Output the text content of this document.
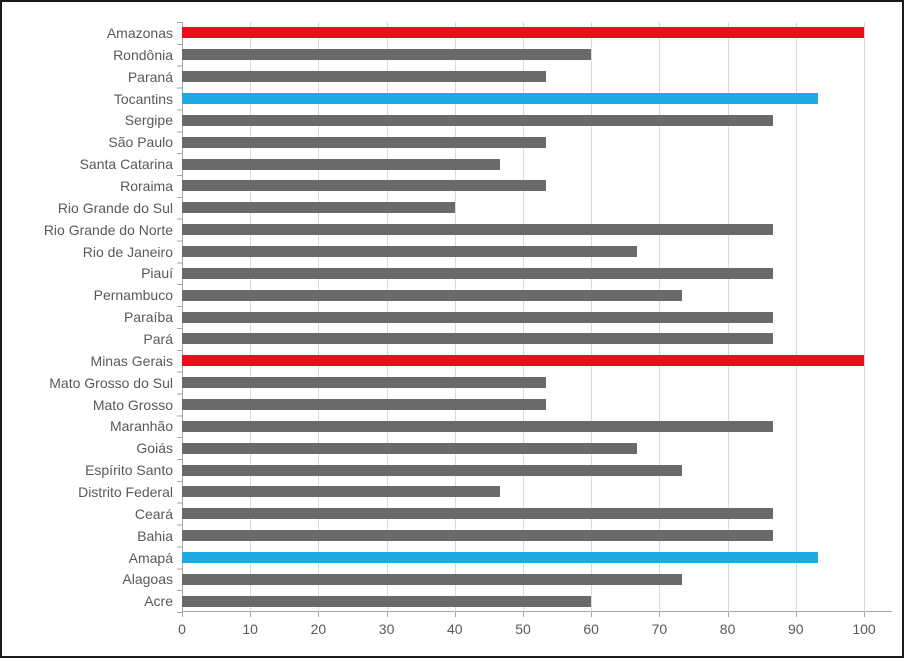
Amazonas
Rondônia
Paraná
Tocantins
Sergipe
São Paulo
Santa Catarina
Roraima
Rio Grande do Sul
Rio Grande do Norte
Rio de Janeiro
Piauí
Pernambuco
Paraíba
Pará
Minas Gerais
Mato Grosso do Sul
Mato Grosso
Maranhão
Goiás
Espírito Santo
Distrito Federal
Ceará
Bahia
Amapá
Alagoas
Acre
0	10	20	30	40	50	60	70	80	90	100
